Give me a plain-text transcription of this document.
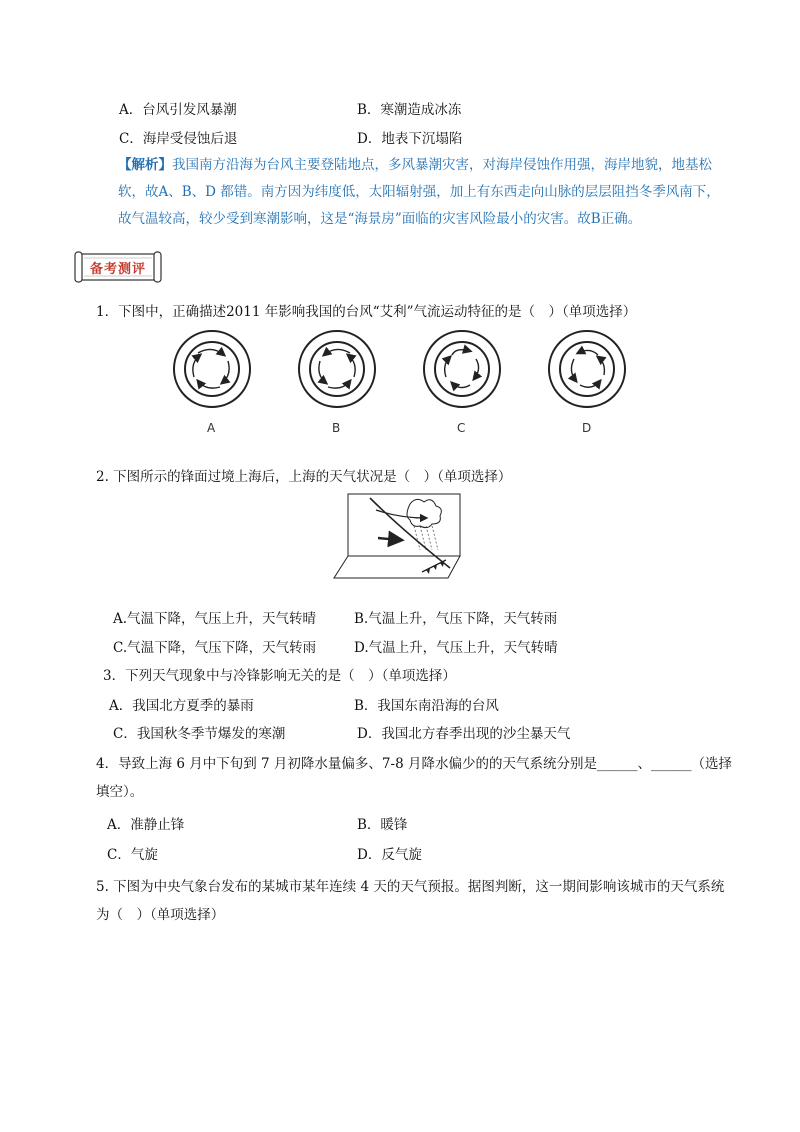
A．台风引发风暴潮	B．寒潮造成冰冻
C．海岸受侵蚀后退	D．地表下沉塌陷
【解析】我国南方沿海为台风主要登陆地点，多风暴潮灾害，对海岸侵蚀作用强，海岸地貌，地基松软，故A、B、D 都错。南方因为纬度低，太阳辐射强，加上有东西走向山脉的层层阻挡冬季风南下，故气温较高，较少受到寒潮影响，这是“海景房”面临的灾害风险最小的灾害。故B正确。
备考测评
1．下图中，正确描述2011 年影响我国的台风“艾利”气流运动特征的是（　）（单项选择）
A	B	C	D
2. 下图所示的锋面过境上海后，上海的天气状况是（　）（单项选择）
A.气温下降，气压上升，天气转晴	B.气温上升，气压下降，天气转雨
C.气温下降，气压下降，天气转雨	D.气温上升，气压上升，天气转晴
3．下列天气现象中与冷锋影响无关的是（　）（单项选择）
A．我国北方夏季的暴雨	B．我国东南沿海的台风
C．我国秋冬季节爆发的寒潮	D．我国北方春季出现的沙尘暴天气
4．导致上海 6 月中下旬到 7 月初降水量偏多、7-8 月降水偏少的的天气系统分别是______、______（选择填空）。
A．准静止锋	B．暖锋
C．气旋	D．反气旋
5. 下图为中央气象台发布的某城市某年连续 4 天的天气预报。据图判断，这一期间影响该城市的天气系统为（　）（单项选择）
